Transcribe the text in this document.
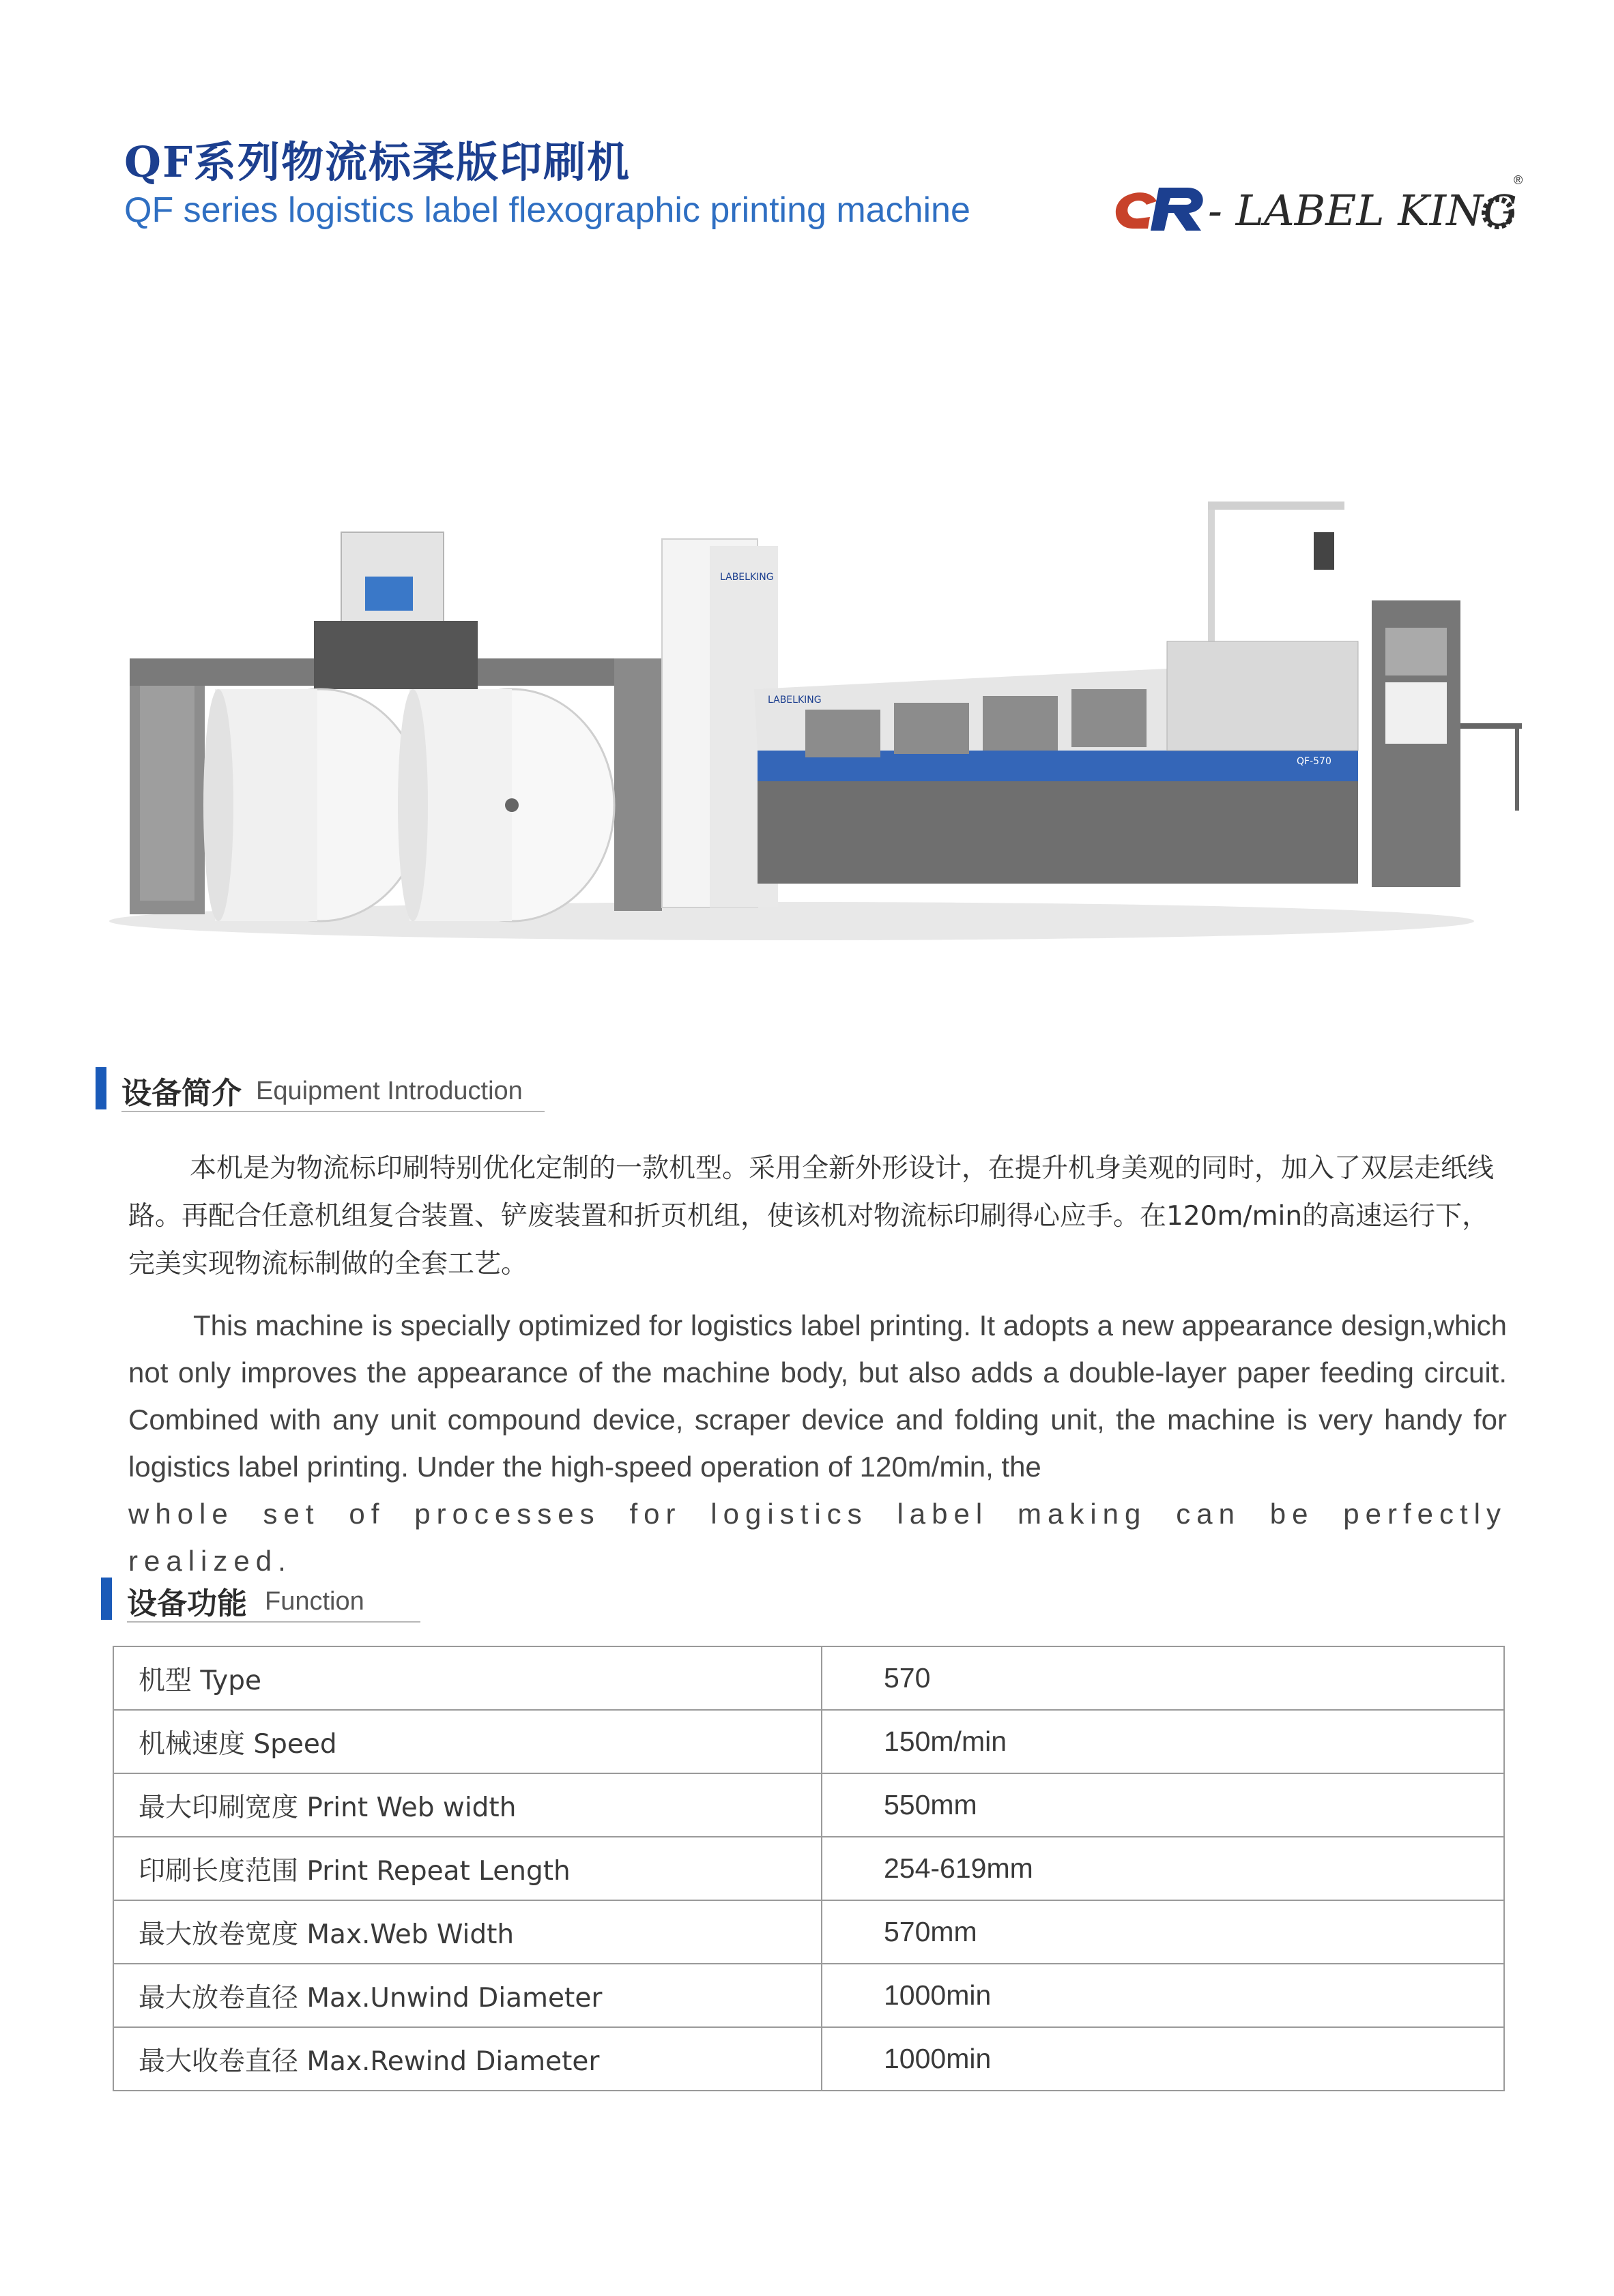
QF系列物流标柔版印刷机
QF series logistics label flexographic printing machine	- LABEL KING
®
LABELKING
LABELKING
QF-570
设备简介 Equipment Introduction

本机是为物流标印刷特别优化定制的一款机型。采用全新外形设计，在提升机身美观的同时，加入了双层走纸线路。再配合任意机组复合装置、铲废装置和折页机组，使该机对物流标印刷得心应手。在120m/min的高速运行下，完美实现物流标制做的全套工艺。

This machine is specially optimized for logistics label printing. It adopts a new appearance design,which not only improves the appearance of the machine body, but also adds a double-layer paper feeding circuit. Combined with any unit compound device, scraper device and folding unit, the machine is very handy for logistics label printing. Under the high-speed operation of 120m/min, the
whole set of processes for logistics label making can be perfectly realized.

设备功能 Function
机型 Type	570
机械速度 Speed	150m/min
最大印刷宽度 Print Web width	550mm
印刷长度范围 Print Repeat Length	254-619mm
最大放卷宽度 Max.Web Width	570mm
最大放卷直径 Max.Unwind Diameter	1000min
最大收卷直径 Max.Rewind Diameter	1000min
